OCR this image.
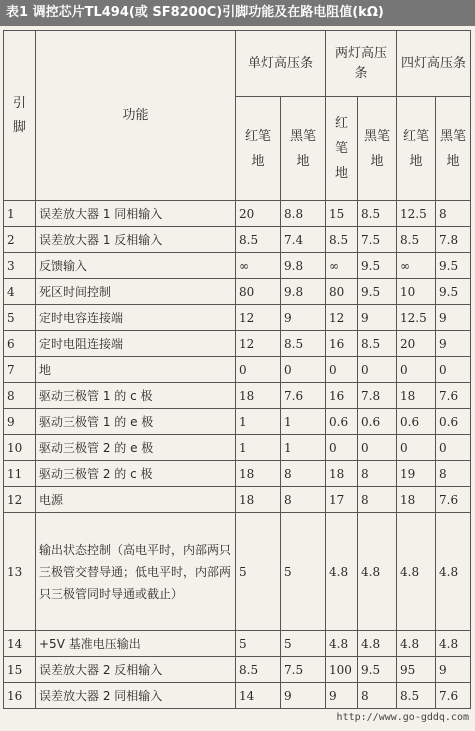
表1 调控芯片TL494(或 SF8200C)引脚功能及在路电阻值(kΩ)
引脚	功能	单灯高压条		两灯高压条		四灯高压条	
		红笔地	黑笔地	红笔地	黑笔地	红笔地	黑笔地
1	误差放大器 1 同相输入	20	8.8	15	8.5	12.5	8
2	误差放大器 1 反相输入	8.5	7.4	8.5	7.5	8.5	7.8
3	反馈输入	∞	9.8	∞	9.5	∞	9.5
4	死区时间控制	80	9.8	80	9.5	10	9.5
5	定时电容连接端	12	9	12	9	12.5	9
6	定时电阻连接端	12	8.5	16	8.5	20	9
7	地	0	0	0	0	0	0
8	驱动三极管 1 的 c 极	18	7.6	16	7.8	18	7.6
9	驱动三极管 1 的 e 极	1	1	0.6	0.6	0.6	0.6
10	驱动三极管 2 的 e 极	1	1	0	0	0	0
11	驱动三极管 2 的 c 极	18	8	18	8	19	8
12	电源	18	8	17	8	18	7.6
13	输出状态控制（高电平时，内部两只三极管交替导通；低电平时，内部两只三极管同时导通或截止）	5	5	4.8	4.8	4.8	4.8
14	+5V 基准电压输出	5	5	4.8	4.8	4.8	4.8
15	误差放大器 2 反相输入	8.5	7.5	100	9.5	95	9
16	误差放大器 2 同相输入	14	9	9	8	8.5	7.6
http://www.go-gddq.com
